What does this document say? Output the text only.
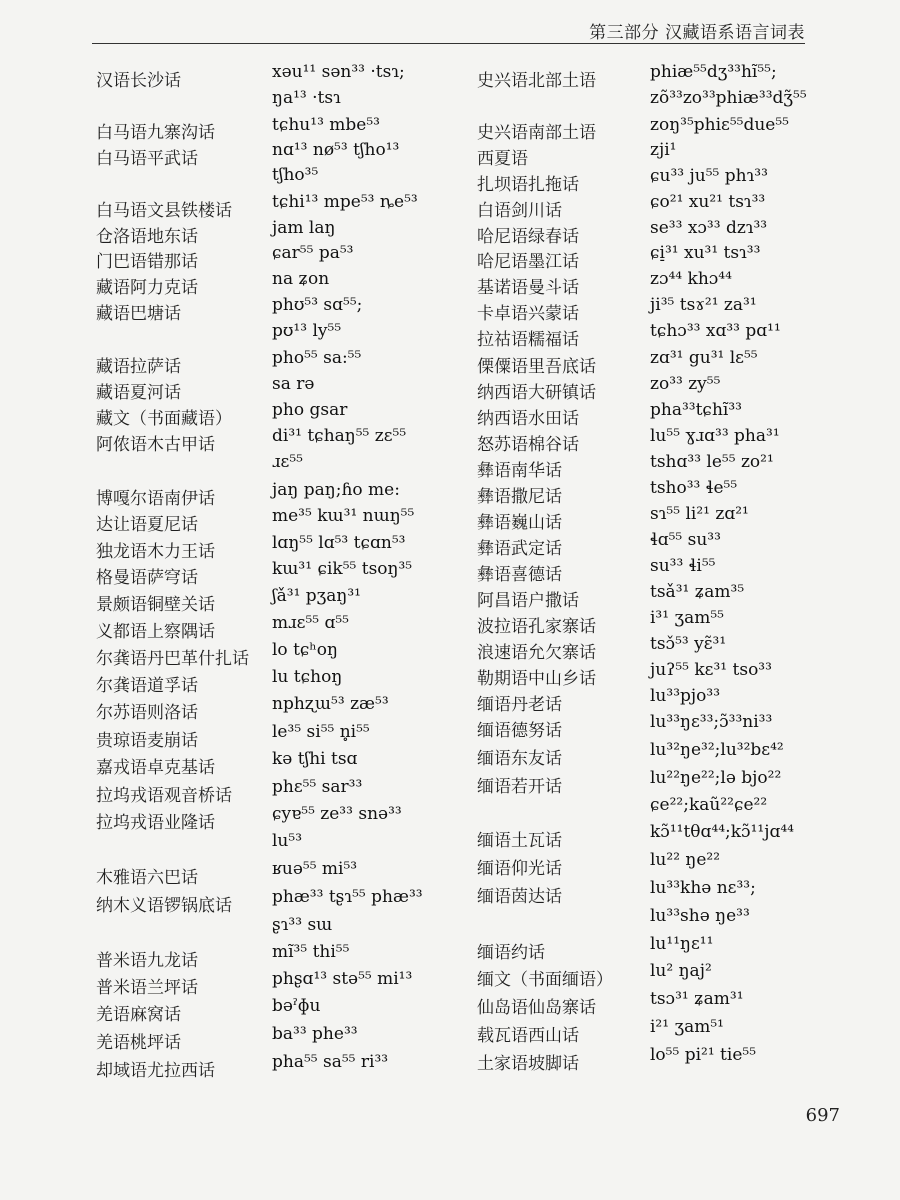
第三部分 汉藏语系语言词表
汉语长沙话	xəu¹¹ sən³³ ·tsɿ;
ŋa¹³ ·tsɿ
白马语九寨沟话	tɕhu¹³ mbe⁵³
白马语平武话	nɑ¹³ nø⁵³ tʃho¹³
tʃho³⁵
白马语文县铁楼话 tɕhi¹³ mpe⁵³ ȵe⁵³
仓洛语地东话	jam laŋ
门巴语错那话	ɕar⁵⁵ pa⁵³
藏语阿力克话	na ʑon
藏语巴塘话	phʊ⁵³ sɑ⁵⁵;
pʊ¹³ ly⁵⁵
藏语拉萨话	pho⁵⁵ sa:⁵⁵
藏语夏河话	sa rə
藏文（书面藏语） pho gsar
阿侬语木古甲话	di³¹ tɕhaŋ⁵⁵ zɛ⁵⁵
ɹɛ⁵⁵
博嘎尔语南伊话	jaŋ paŋ;ɦo me:
达让语夏尼话	me³⁵ kɯ³¹ nɯŋ⁵⁵
独龙语木力王话	lɑŋ⁵⁵ lɑ⁵³ tɕɑn⁵³
格曼语萨穹话	kɯ³¹ ɕik⁵⁵ tsoŋ³⁵
景颇语铜壁关话	ʃǎ³¹ pʒaŋ³¹
义都语上察隅话	mɹɛ⁵⁵ ɑ⁵⁵
尔龚语丹巴革什扎话 lo tɕʰoŋ
尔龚语道孚话	lu tɕhoŋ
尔苏语则洛话	nphʐɯ⁵³ zæ⁵³
贵琼语麦崩话	le³⁵ si⁵⁵ n̥i⁵⁵
嘉戎语卓克基话	kə tʃhi tsɑ
拉坞戎语观音桥话 phɛ⁵⁵ sar³³
拉坞戎语业隆话	ɕyɐ⁵⁵ ze³³ snə³³
lu⁵³
木雅语六巴话	ʁuə⁵⁵ mi⁵³
纳木义语锣锅底话 phæ³³ tʂɿ⁵⁵ phæ³³
ʂɿ³³ sɯ
普米语九龙话	mĩ³⁵ thi⁵⁵
普米语兰坪话	phʂɑ¹³ stə⁵⁵ mi¹³
羌语麻窝话	bəˀɸu
羌语桃坪话	ba³³ phe³³
却域语尤拉西话	pha⁵⁵ sa⁵⁵ ri³³
史兴语北部土语	phiæ⁵⁵dʒ³³hĩ⁵⁵;
zõ³³zo³³phiæ³³dʒ̃⁵⁵
史兴语南部土语	zoŋ³⁵phiɛ⁵⁵due⁵⁵
西夏语	zji¹
扎坝语扎拖话	ɕu³³ ju⁵⁵ phɿ³³
白语剑川话	ɕo²¹ xu²¹ tsɿ³³
哈尼语绿春话	se³³ xɔ³³ dzɿ³³
哈尼语墨江话	ɕi̠³¹ xu³¹ tsɿ³³
基诺语曼斗话	zɔ⁴⁴ khɔ⁴⁴
卡卓语兴蒙话	ji³⁵ tsɤ²¹ za³¹
拉祜语糯福话	tɕhɔ³³ xɑ³³ pɑ¹¹
傈僳语里吾底话	zɑ³¹ gu³¹ lɛ⁵⁵
纳西语大研镇话	zo³³ zy⁵⁵
纳西语水田话	pha³³tɕhĩ³³
怒苏语棉谷话	lu⁵⁵ ɣɹɑ³³ pha³¹
彝语南华话	tshɑ³³ le⁵⁵ zo²¹
彝语撒尼话	tsho³³ ɬe⁵⁵
彝语巍山话	sɿ⁵⁵ li²¹ zɑ²¹
彝语武定话	ɬɑ⁵⁵ su³³
彝语喜德话	su³³ ɬi⁵⁵
阿昌语户撒话	tsǎ³¹ ʑam³⁵
波拉语孔家寨话	i³¹ ʒam⁵⁵
浪速语允欠寨话	tsɔ̌⁵³ yɛ̃³¹
勒期语中山乡话	juʔ⁵⁵ kɛ³¹ tso³³
缅语丹老话	lu³³pjo³³
缅语德努话	lu³³ŋɛ³³;ɔ̃³³ni³³
缅语东友话	lu³²ŋe³²;lu³²bɛ⁴²
缅语若开话	lu²²ŋe²²;lə bjo²²
ɕe²²;kaũ²²ɕe²²
缅语土瓦话	kɔ̃¹¹tθɑ⁴⁴;kɔ̃¹¹jɑ⁴⁴
缅语仰光话	lu²² ŋe²²
缅语茵达话	lu³³khə nɛ³³;
lu³³shə ŋe³³
缅语约话	lu¹¹ŋɛ¹¹
缅文（书面缅语） lu² ŋaj²
仙岛语仙岛寨话	tsɔ³¹ ʑam³¹
载瓦语西山话	i²¹ ʒam⁵¹
土家语坡脚话	lo⁵⁵ pi²¹ tie⁵⁵
697
